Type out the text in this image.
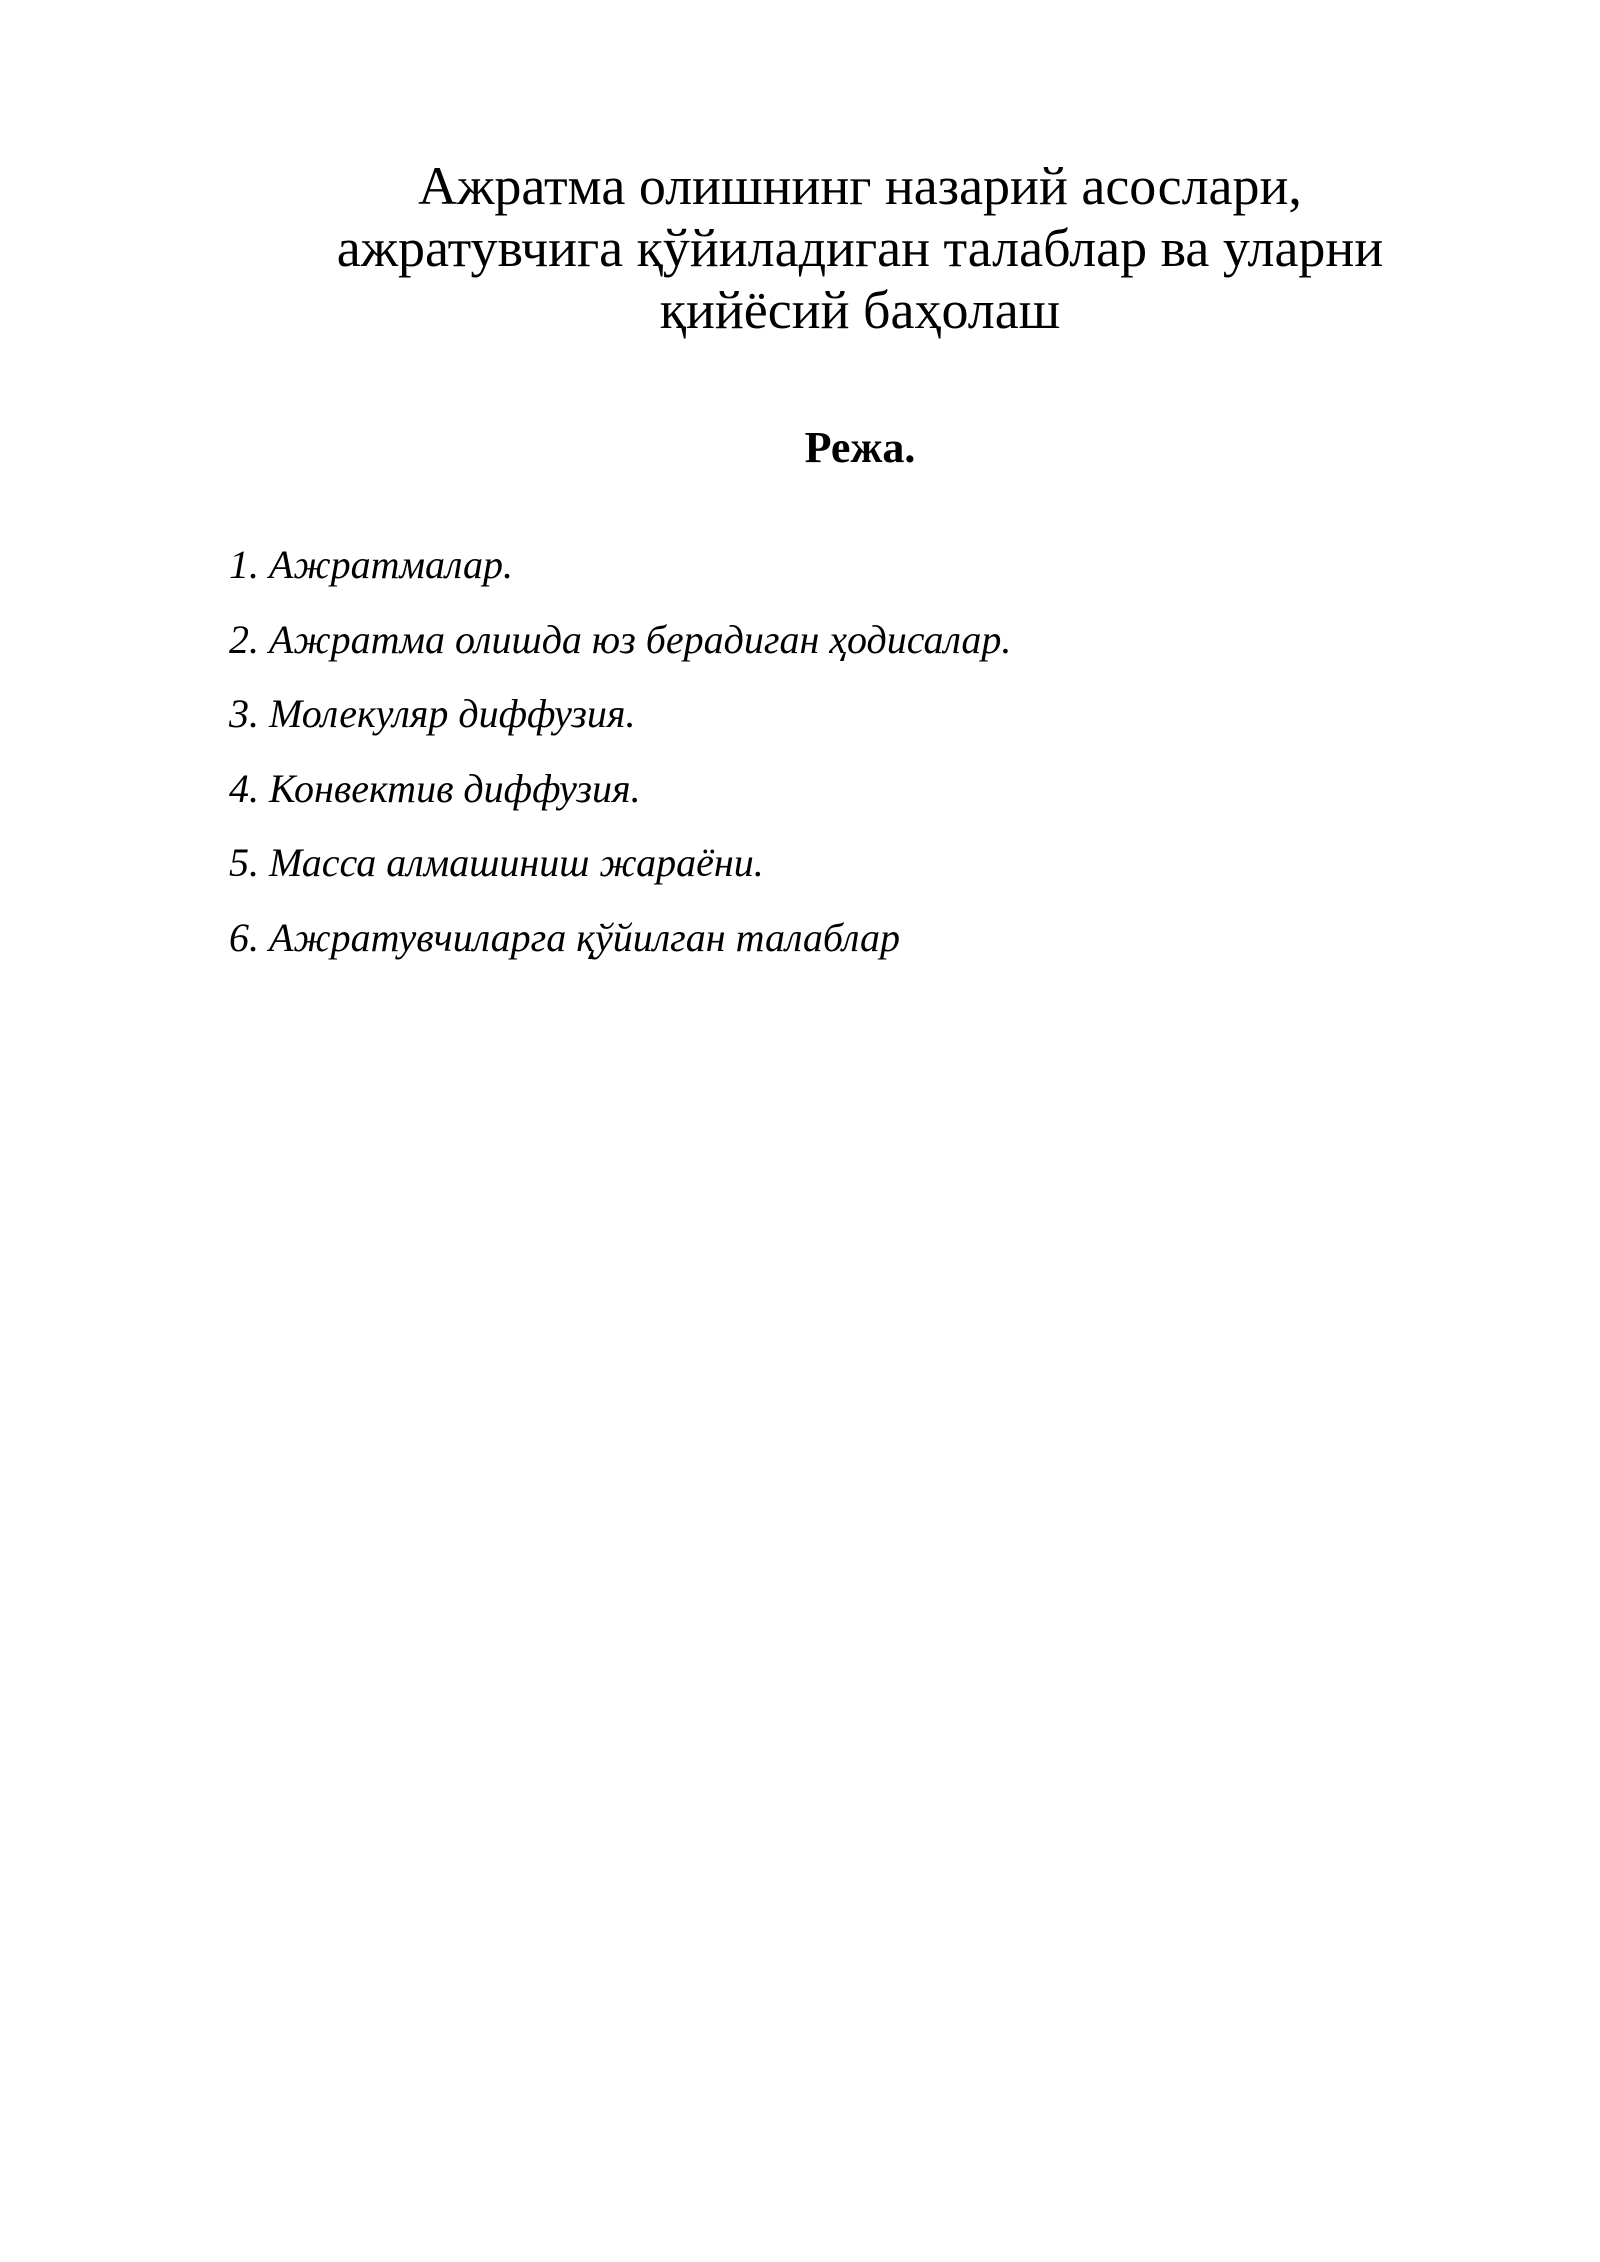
Ажратма олишнинг назарий асослари,
ажратувчига қўйиладиган талаблар ва уларни
қийёсий баҳолаш
Режа.
1. Ажратмалар.
2. Ажратма олишда юз берадиган ҳодисалар.
3. Молекуляр диффузия.
4. Конвектив диффузия.
5. Масса алмашиниш жараёни.
6. Ажратувчиларга қўйилган талаблар
